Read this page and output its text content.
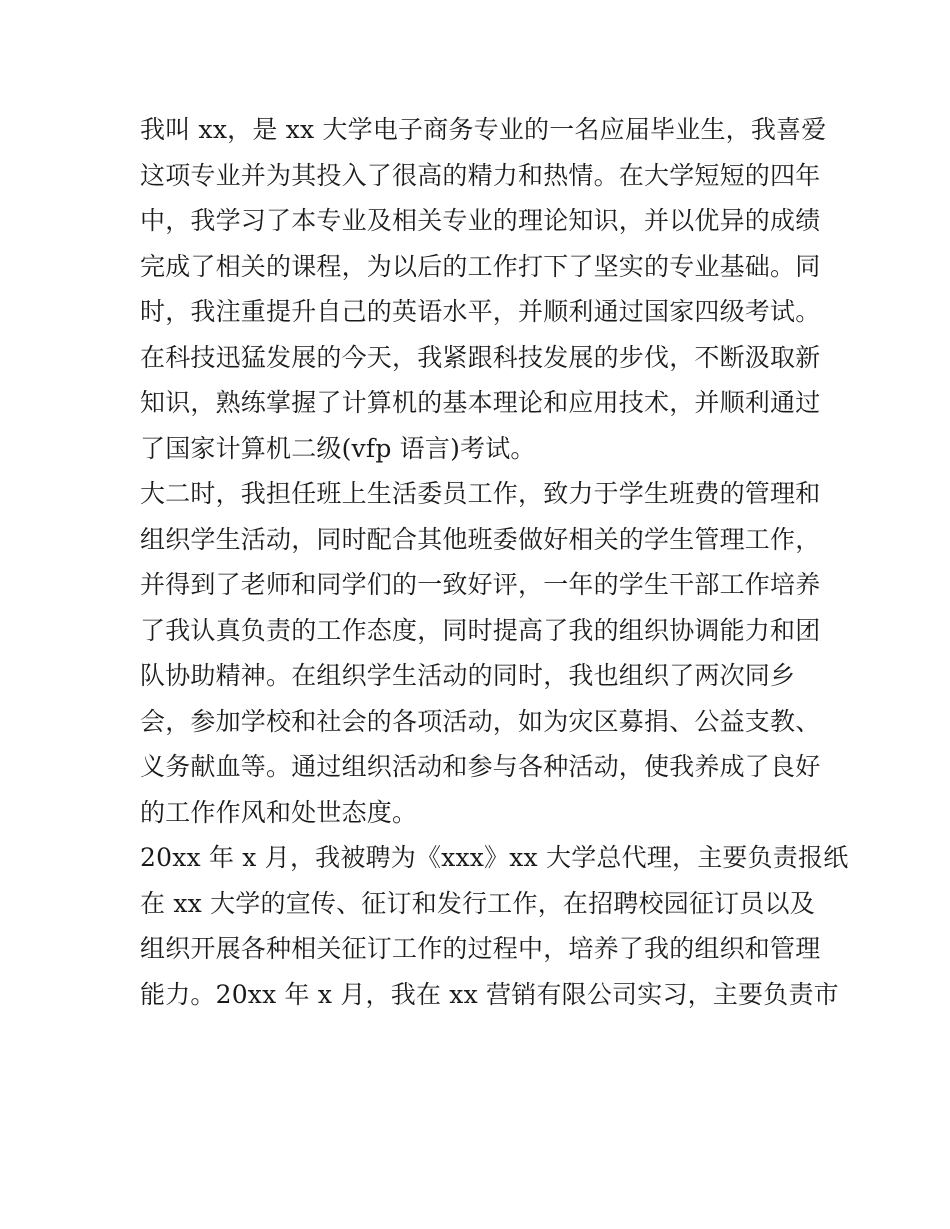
我叫 xx，是 xx 大学电子商务专业的一名应届毕业生，我喜爱
这项专业并为其投入了很高的精力和热情。在大学短短的四年
中，我学习了本专业及相关专业的理论知识，并以优异的成绩
完成了相关的课程，为以后的工作打下了坚实的专业基础。同
时，我注重提升自己的英语水平，并顺利通过国家四级考试。
在科技迅猛发展的今天，我紧跟科技发展的步伐，不断汲取新
知识，熟练掌握了计算机的基本理论和应用技术，并顺利通过
了国家计算机二级(vfp 语言)考试。
大二时，我担任班上生活委员工作，致力于学生班费的管理和
组织学生活动，同时配合其他班委做好相关的学生管理工作，
并得到了老师和同学们的一致好评，一年的学生干部工作培养
了我认真负责的工作态度，同时提高了我的组织协调能力和团
队协助精神。在组织学生活动的同时，我也组织了两次同乡
会，参加学校和社会的各项活动，如为灾区募捐、公益支教、
义务献血等。通过组织活动和参与各种活动，使我养成了良好
的工作作风和处世态度。
20xx 年 x 月，我被聘为《xxx》xx 大学总代理，主要负责报纸
在 xx 大学的宣传、征订和发行工作，在招聘校园征订员以及
组织开展各种相关征订工作的过程中，培养了我的组织和管理
能力。20xx 年 x 月，我在 xx 营销有限公司实习，主要负责市
